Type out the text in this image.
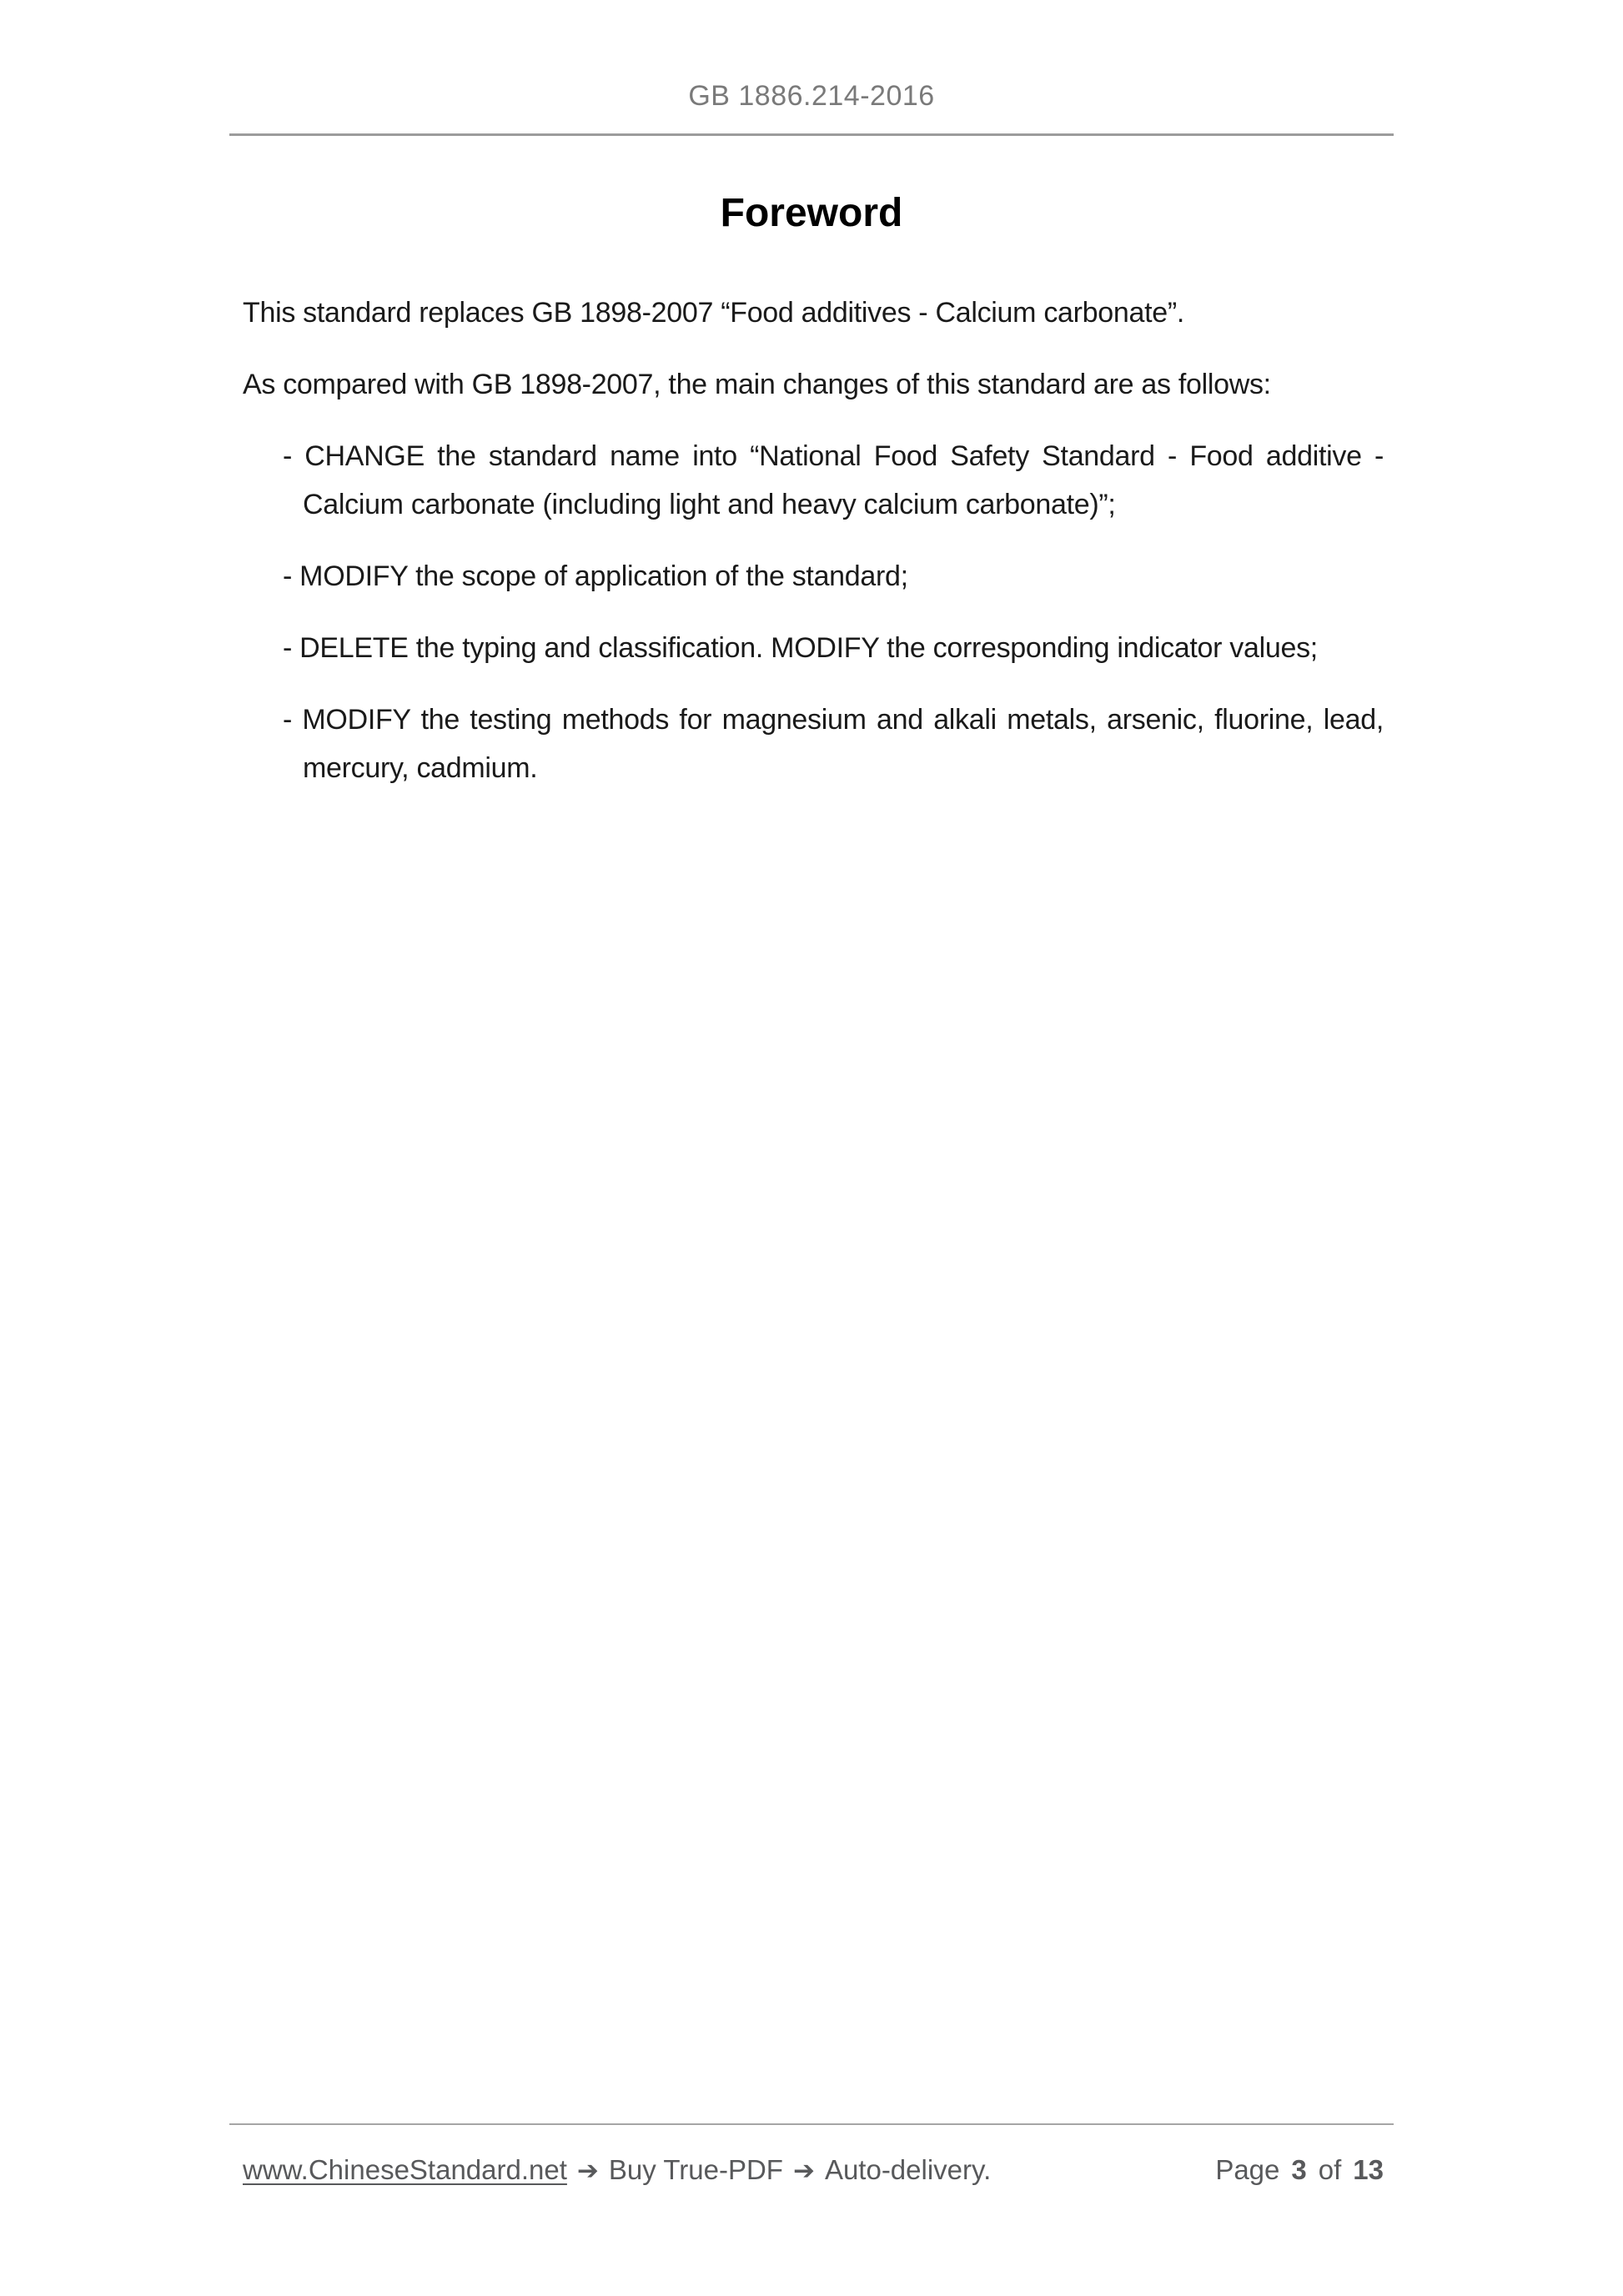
GB 1886.214-2016
Foreword

This standard replaces GB 1898-2007 “Food additives - Calcium carbonate”.

As compared with GB 1898-2007, the main changes of this standard are as follows:

- CHANGE the standard name into “National Food Safety Standard - Food additive - Calcium carbonate (including light and heavy calcium carbonate)”;

- MODIFY the scope of application of the standard;

- DELETE the typing and classification. MODIFY the corresponding indicator values;

- MODIFY the testing methods for magnesium and alkali metals, arsenic, fluorine, lead, mercury, cadmium.

www.ChineseStandard.net ➔ Buy True-PDF ➔ Auto-delivery.	Page 3 of 13
